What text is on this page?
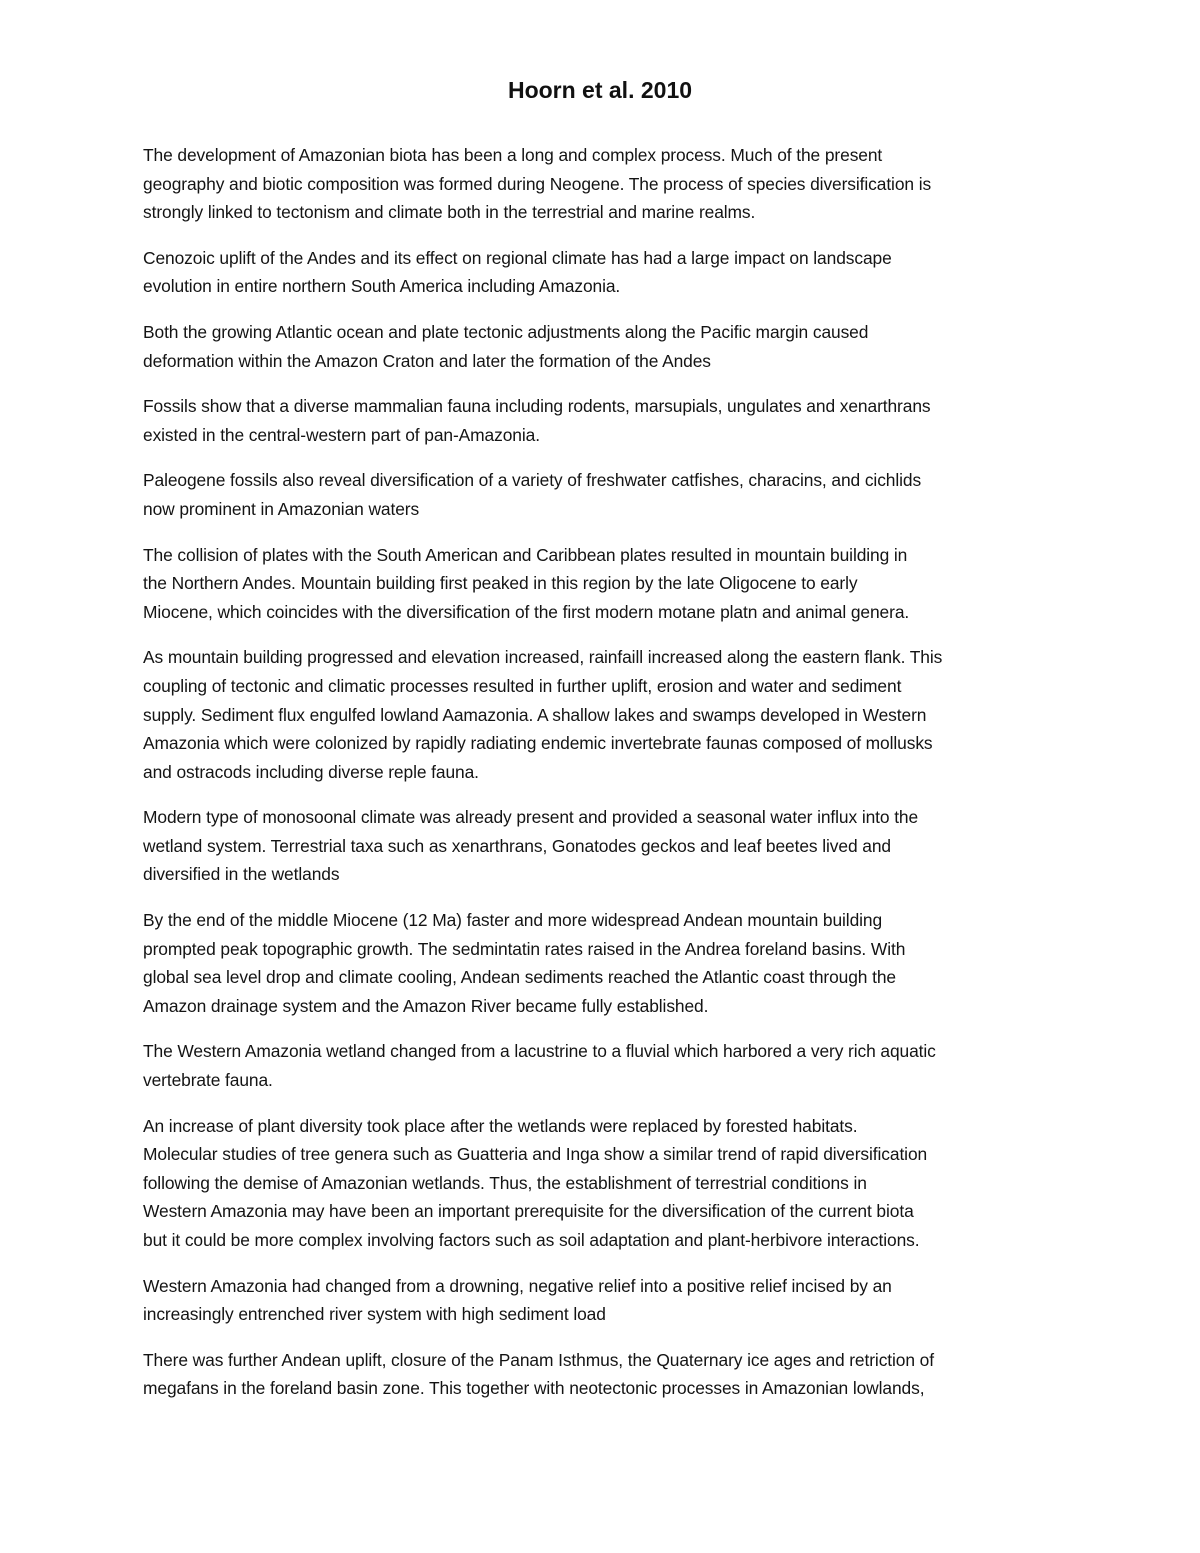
Hoorn et al. 2010

The development of Amazonian biota has been a long and complex process. Much of the present
geography and biotic composition was formed during Neogene. The process of species diversification is
strongly linked to tectonism and climate both in the terrestrial and marine realms.

Cenozoic uplift of the Andes and its effect on regional climate has had a large impact on landscape
evolution in entire northern South America including Amazonia.

Both the growing Atlantic ocean and plate tectonic adjustments along the Pacific margin caused
deformation within the Amazon Craton and later the formation of the Andes

Fossils show that a diverse mammalian fauna including rodents, marsupials, ungulates and xenarthrans
existed in the central-western part of pan-Amazonia.

Paleogene fossils also reveal diversification of a variety of freshwater catfishes, characins, and cichlids
now prominent in Amazonian waters

The collision of plates with the South American and Caribbean plates resulted in mountain building in
the Northern Andes. Mountain building first peaked in this region by the late Oligocene to early
Miocene, which coincides with the diversification of the first modern motane platn and animal genera.

As mountain building progressed and elevation increased, rainfaill increased along the eastern flank. This
coupling of tectonic and climatic processes resulted in further uplift, erosion and water and sediment
supply. Sediment flux engulfed lowland Aamazonia. A shallow lakes and swamps developed in Western
Amazonia which were colonized by rapidly radiating endemic invertebrate faunas composed of mollusks
and ostracods including diverse reple fauna.

Modern type of monosoonal climate was already present and provided a seasonal water influx into the
wetland system. Terrestrial taxa such as xenarthrans, Gonatodes geckos and leaf beetes lived and
diversified in the wetlands

By the end of the middle Miocene (12 Ma) faster and more widespread Andean mountain building
prompted peak topographic growth. The sedmintatin rates raised in the Andrea foreland basins. With
global sea level drop and climate cooling, Andean sediments reached the Atlantic coast through the
Amazon drainage system and the Amazon River became fully established.

The Western Amazonia wetland changed from a lacustrine to a fluvial which harbored a very rich aquatic
vertebrate fauna.

An increase of plant diversity took place after the wetlands were replaced by forested habitats.
Molecular studies of tree genera such as Guatteria and Inga show a similar trend of rapid diversification
following the demise of Amazonian wetlands. Thus, the establishment of terrestrial conditions in
Western Amazonia may have been an important prerequisite for the diversification of the current biota
but it could be more complex involving factors such as soil adaptation and plant-herbivore interactions.

Western Amazonia had changed from a drowning, negative relief into a positive relief incised by an
increasingly entrenched river system with high sediment load

There was further Andean uplift, closure of the Panam Isthmus, the Quaternary ice ages and retriction of
megafans in the foreland basin zone. This together with neotectonic processes in Amazonian lowlands,
